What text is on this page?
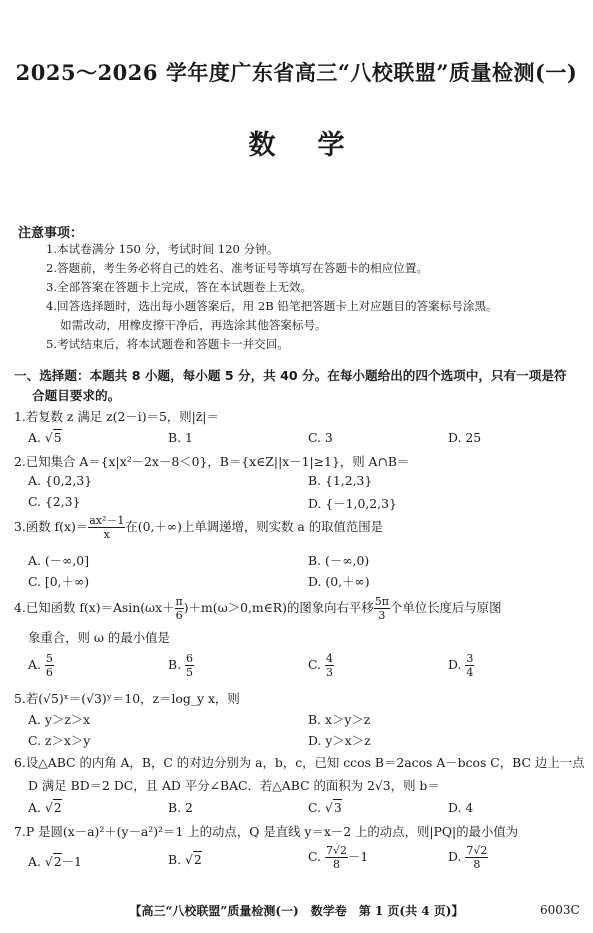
2025～2026 学年度广东省高三“八校联盟”质量检测(一)
数学
注意事项：
1.本试卷满分 150 分，考试时间 120 分钟。
2.答题前，考生务必将自己的姓名、准考证号等填写在答题卡的相应位置。
3.全部答案在答题卡上完成，答在本试题卷上无效。
4.回答选择题时，选出每小题答案后，用 2B 铅笔把答题卡上对应题目的答案标号涂黑。
如需改动，用橡皮擦干净后，再选涂其他答案标号。
5.考试结束后，将本试题卷和答题卡一并交回。
一、选择题：本题共 8 小题，每小题 5 分，共 40 分。在每小题给出的四个选项中，只有一项是符
合题目要求的。
1.若复数 z 满足 z(2－i)＝5，则|z̄|＝
A. √5	B. 1	C. 3	D. 25
2.已知集合 A＝{x|x²－2x－8＜0}，B＝{x∈Z||x－1|≥1}，则 A∩B＝
A. {0,2,3}	B. {1,2,3}
C. {2,3}	D. {－1,0,2,3}
3.函数 $f(x)= \frac{\text{ax²－1}}{x}$ 在(0,＋∞)上单调递增，则实数 a 的取值范围是
A. (－∞,0]	B. (－∞,0)
C. [0,＋∞)	D. (0,＋∞)
4.已知函数 $f(x)=Asin(\omega x+ \frac{\pi}{6}$ )＋m(ω＞0,m∈R)的图象向右平移 $\frac{5\pi}{3}$ 个单位长度后与原图
象重合，则 ω 的最小值是
A. $\frac{5}{6}$	B. $\frac{6}{5}$	C. $\frac{4}{3}$	D. $\frac{3}{4}$
5.若(√5)ˣ＝(√3)ʸ＝10，z＝log_y x，则
A. y＞z＞x	B. x＞y＞z
C. z＞x＞y	D. y＞x＞z
6.设△ABC 的内角 A，B，C 的对边分别为 a，b，c，已知 ccos B＝2acos A－bcos C，BC 边上一点
D 满足 BD＝2 DC，且 AD 平分∠BAC．若△ABC 的面积为 2√3，则 b＝
A. √2	B. 2	C. √3	D. 4
7.P 是圆(x－a)²＋(y－a²)²＝1 上的动点，Q 是直线 y＝x－2 上的动点，则|PQ|的最小值为
A. √2－1	B. √2	C. $\frac{7√2}{8} -1$	D. $\frac{7√2}{8}$
【高三“八校联盟”质量检测(一)　数学卷　第 1 页(共 4 页)】	6003C
